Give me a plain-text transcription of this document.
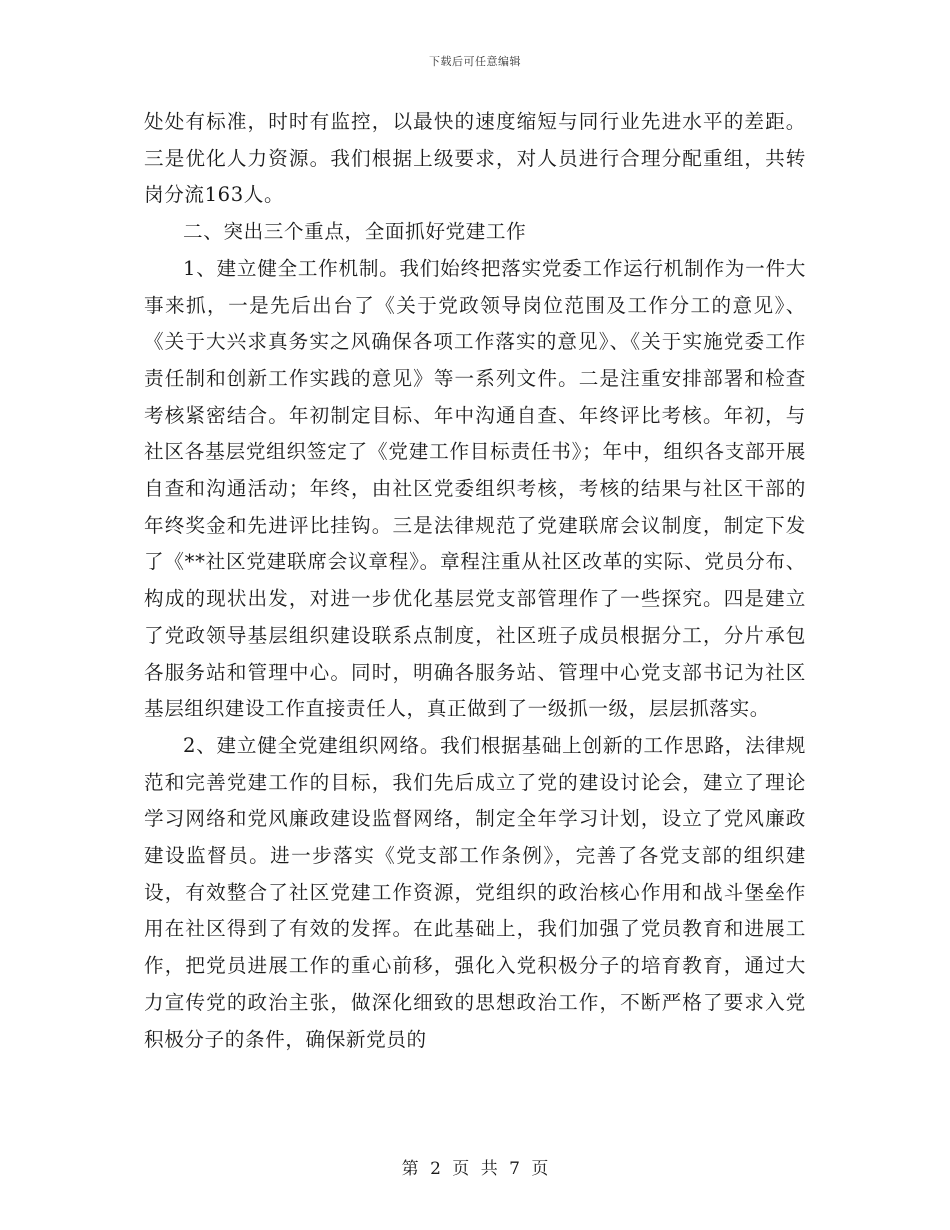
下载后可任意编辑

处处有标准，时时有监控，以最快的速度缩短与同行业先进水平的差距。三是优化人力资源。我们根据上级要求，对人员进行合理分配重组，共转岗分流163人。

二、突出三个重点，全面抓好党建工作

1、建立健全工作机制。我们始终把落实党委工作运行机制作为一件大事来抓，一是先后出台了《关于党政领导岗位范围及工作分工的意见》、《关于大兴求真务实之风确保各项工作落实的意见》、《关于实施党委工作责任制和创新工作实践的意见》等一系列文件。二是注重安排部署和检查考核紧密结合。年初制定目标、年中沟通自查、年终评比考核。年初，与社区各基层党组织签定了《党建工作目标责任书》；年中，组织各支部开展自查和沟通活动；年终，由社区党委组织考核，考核的结果与社区干部的年终奖金和先进评比挂钩。三是法律规范了党建联席会议制度，制定下发了《**社区党建联席会议章程》。章程注重从社区改革的实际、党员分布、构成的现状出发，对进一步优化基层党支部管理作了一些探究。四是建立了党政领导基层组织建设联系点制度，社区班子成员根据分工，分片承包各服务站和管理中心。同时，明确各服务站、管理中心党支部书记为社区基层组织建设工作直接责任人，真正做到了一级抓一级，层层抓落实。

2、建立健全党建组织网络。我们根据基础上创新的工作思路，法律规范和完善党建工作的目标，我们先后成立了党的建设讨论会，建立了理论学习网络和党风廉政建设监督网络，制定全年学习计划，设立了党风廉政建设监督员。进一步落实《党支部工作条例》，完善了各党支部的组织建设，有效整合了社区党建工作资源，党组织的政治核心作用和战斗堡垒作用在社区得到了有效的发挥。在此基础上，我们加强了党员教育和进展工作，把党员进展工作的重心前移，强化入党积极分子的培育教育，通过大力宣传党的政治主张，做深化细致的思想政治工作，不断严格了要求入党积极分子的条件，确保新党员的

第 2 页 共 7 页
